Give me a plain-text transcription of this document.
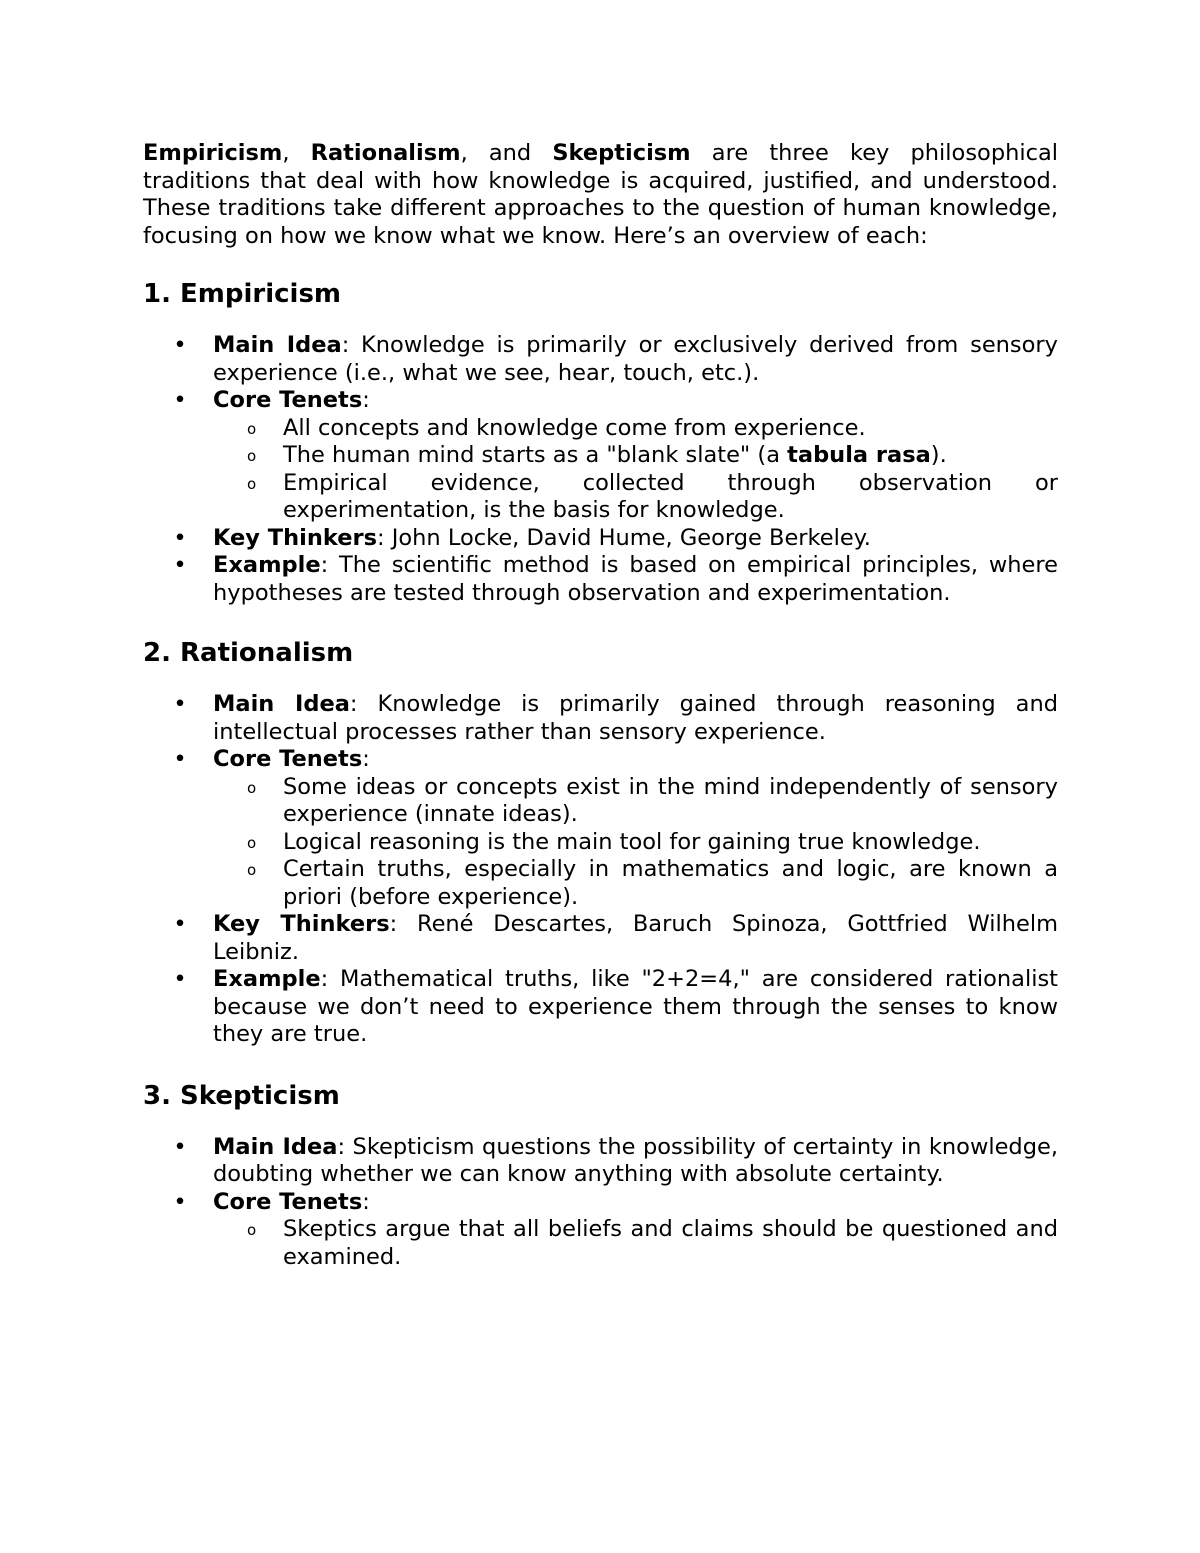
Empiricism, Rationalism, and Skepticism are three key philosophical traditions that deal with how knowledge is acquired, justified, and understood. These traditions take different approaches to the question of human knowledge, focusing on how we know what we know. Here’s an overview of each:

1. Empiricism
• Main Idea: Knowledge is primarily or exclusively derived from sensory experience (i.e., what we see, hear, touch, etc.).
• Core Tenets:
o All concepts and knowledge come from experience.
o The human mind starts as a "blank slate" (a tabula rasa).
o Empirical evidence, collected through observation or experimentation, is the basis for knowledge.
• Key Thinkers: John Locke, David Hume, George Berkeley.
• Example: The scientific method is based on empirical principles, where hypotheses are tested through observation and experimentation.
2. Rationalism
• Main Idea: Knowledge is primarily gained through reasoning and intellectual processes rather than sensory experience.
• Core Tenets:
o Some ideas or concepts exist in the mind independently of sensory experience (innate ideas).
o Logical reasoning is the main tool for gaining true knowledge.
o Certain truths, especially in mathematics and logic, are known a priori (before experience).
• Key Thinkers: René Descartes, Baruch Spinoza, Gottfried Wilhelm Leibniz.
• Example: Mathematical truths, like "2+2=4," are considered rationalist because we don’t need to experience them through the senses to know they are true.
3. Skepticism
• Main Idea: Skepticism questions the possibility of certainty in knowledge, doubting whether we can know anything with absolute certainty.
• Core Tenets:
o Skeptics argue that all beliefs and claims should be questioned and examined.
